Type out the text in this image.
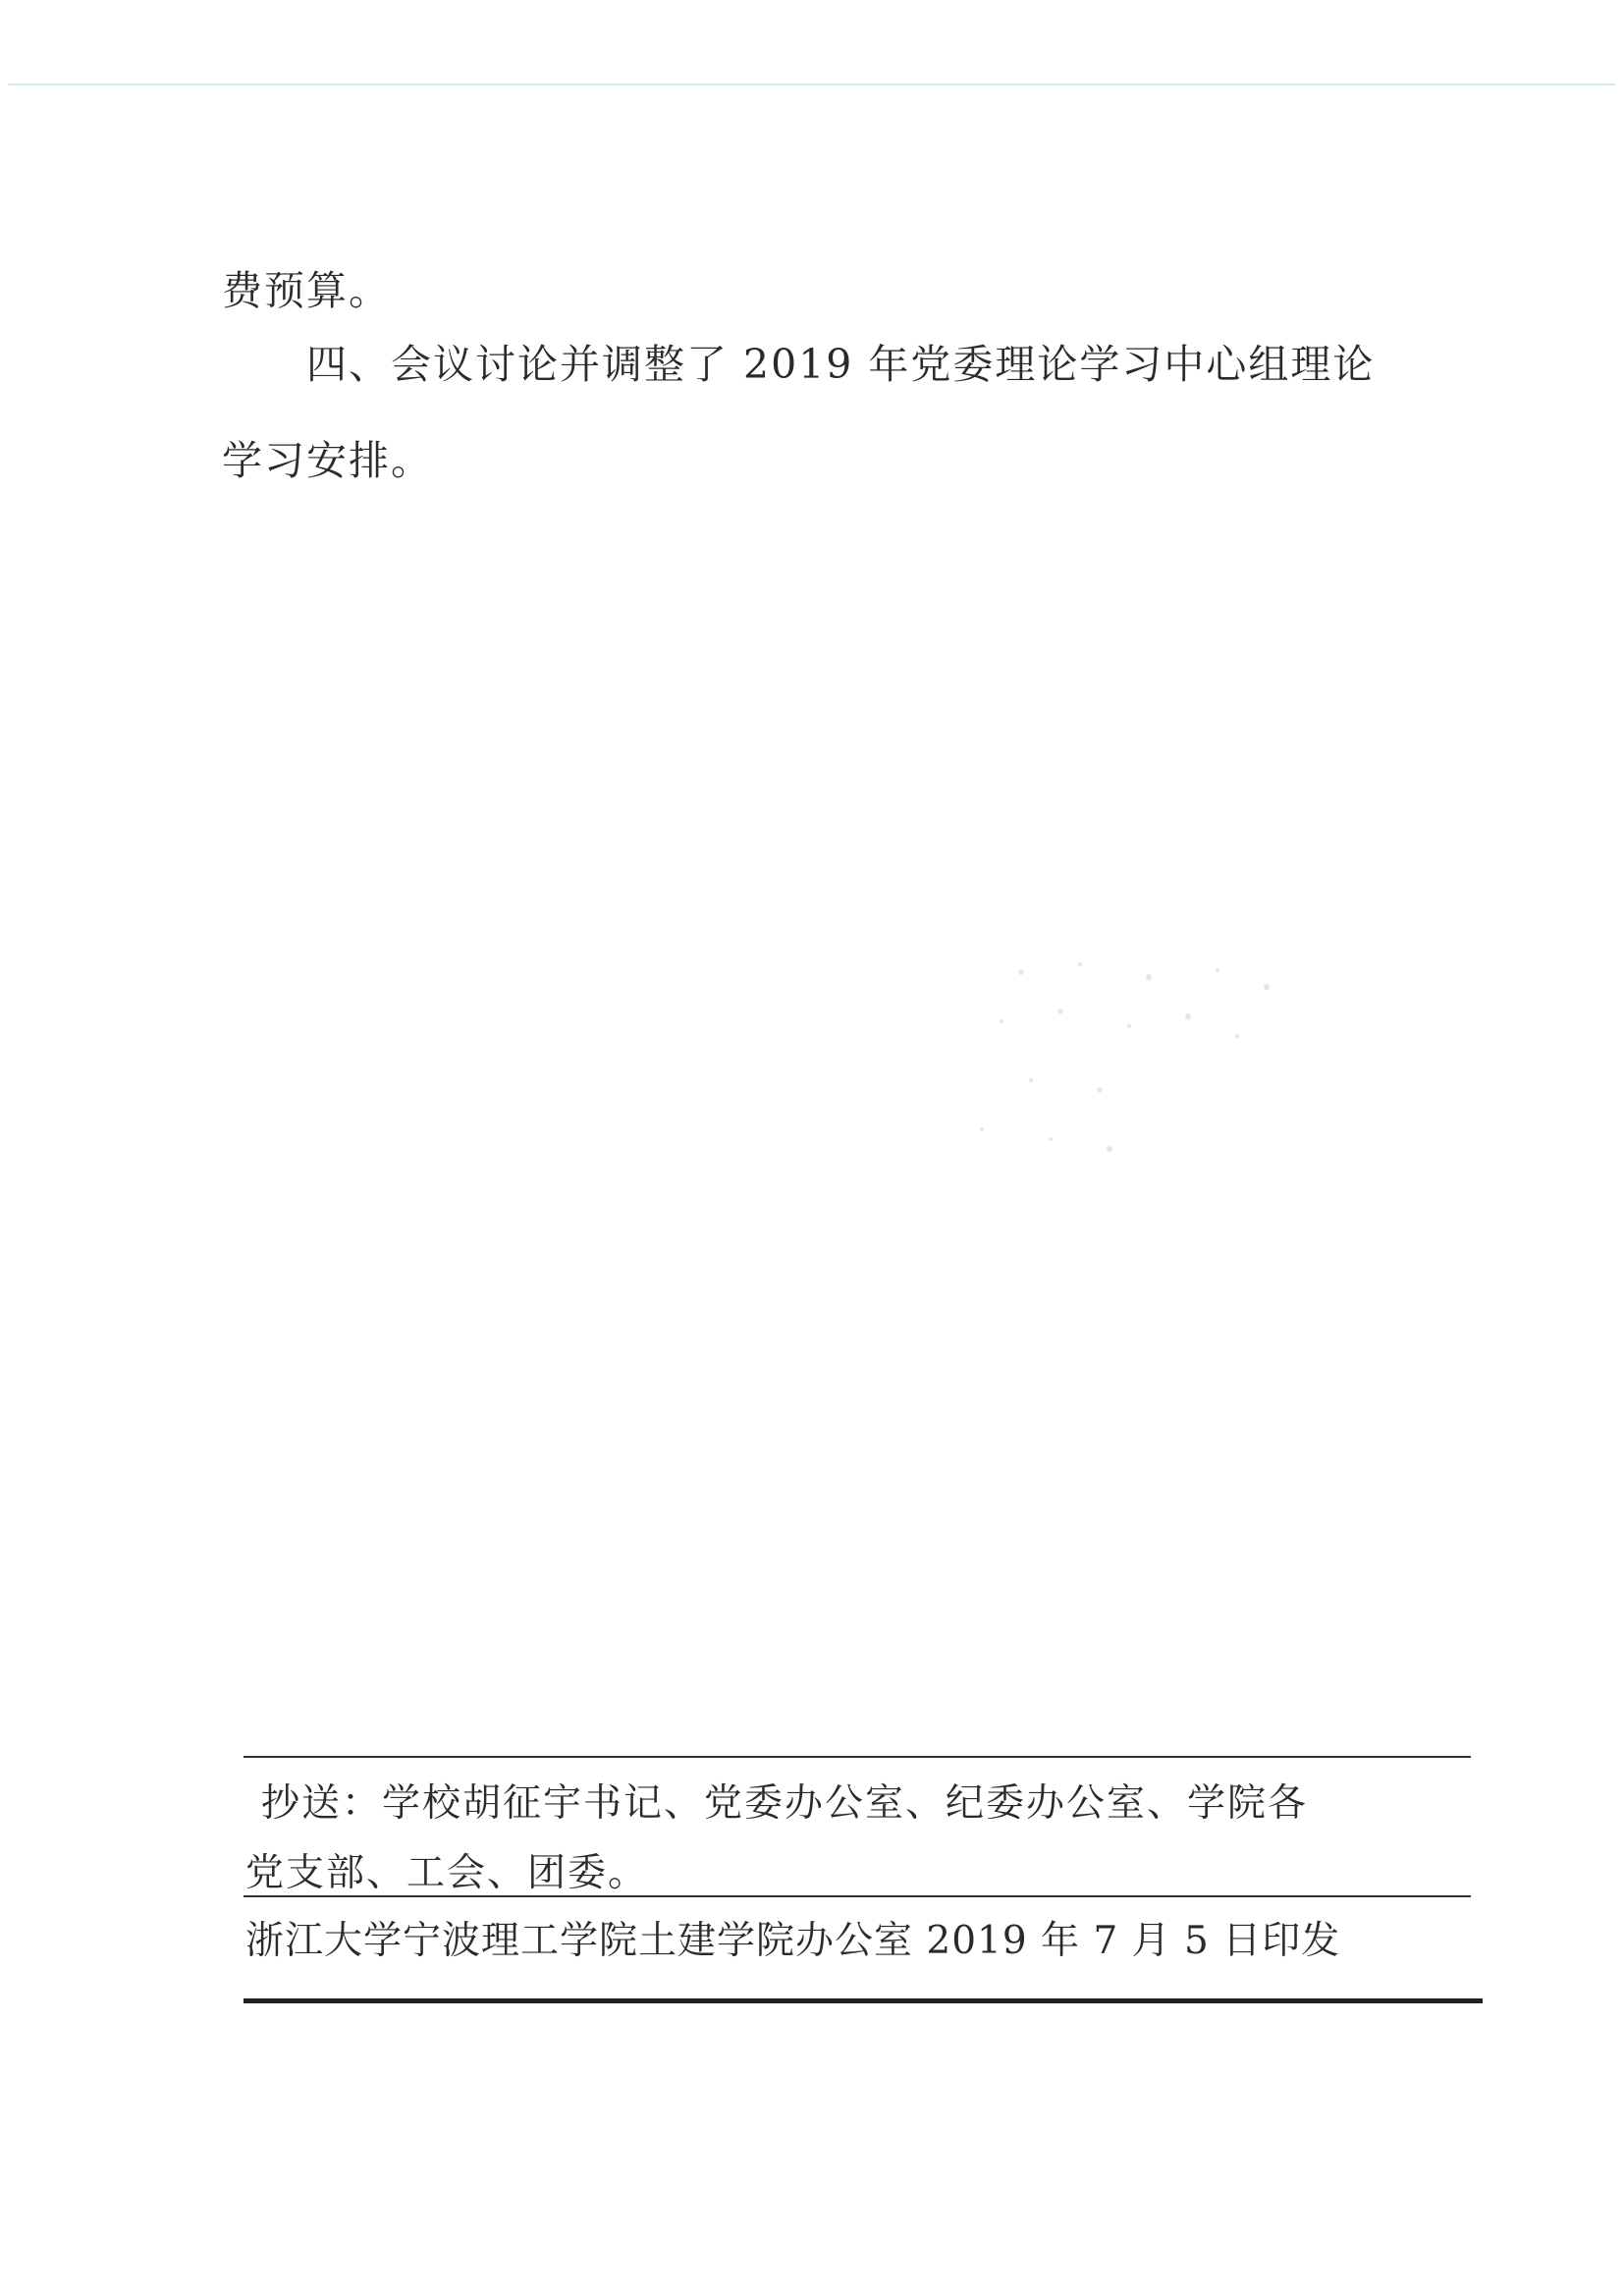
费预算。
四、会议讨论并调整了 2019 年党委理论学习中心组理论
学习安排。
抄送：学校胡征宇书记、党委办公室、纪委办公室、学院各
党支部、工会、团委。
浙江大学宁波理工学院土建学院办公室 2019 年 7 月 5 日印发
